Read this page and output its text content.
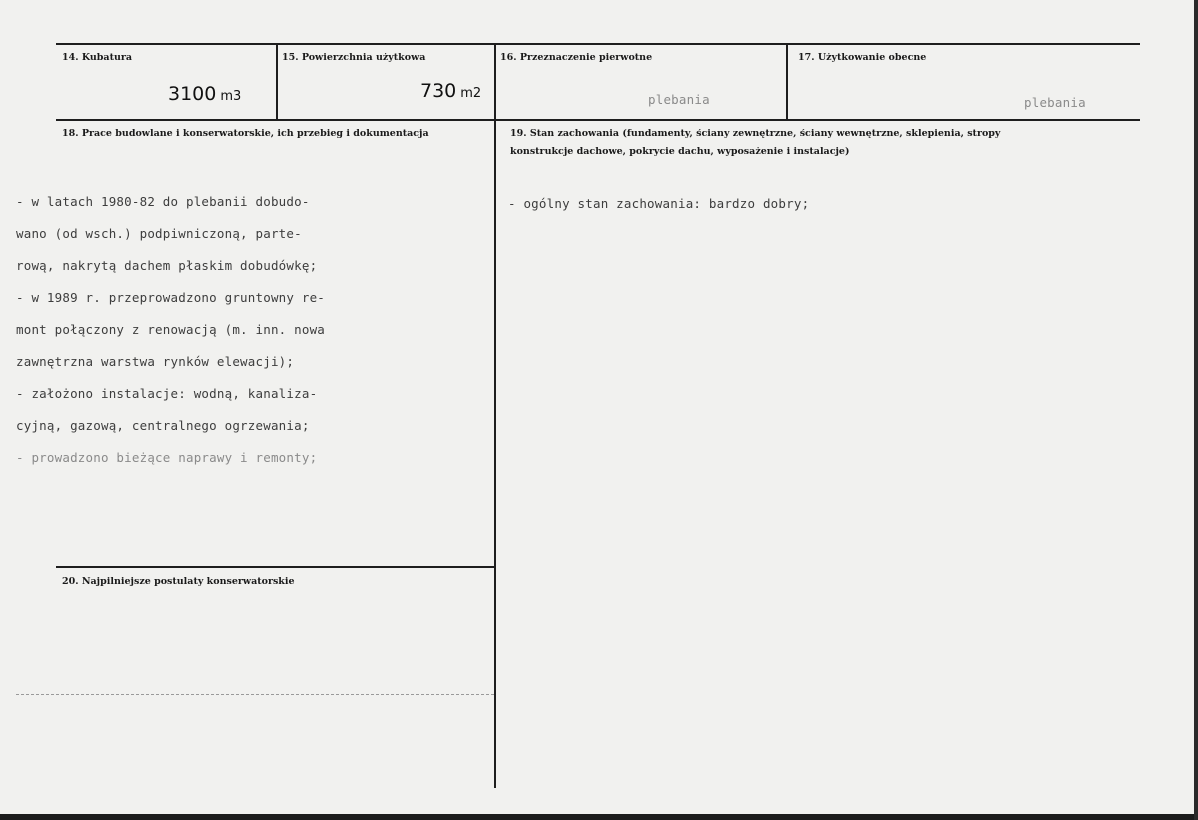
14. Kubatura
3100 m3
15. Powierzchnia użytkowa
730 m2
16. Przeznaczenie pierwotne
plebania
17. Użytkowanie obecne
plebania
18. Prace budowlane i konserwatorskie, ich przebieg i dokumentacja
- w latach 1980-82 do plebanii dobudo-
wano (od wsch.) podpiwniczoną, parte-
rową, nakrytą dachem płaskim dobudówkę;
- w 1989 r. przeprowadzono gruntowny re-
mont połączony z renowacją (m. inn. nowa
zawnętrzna warstwa rynków elewacji);
- założono instalacje: wodną, kanaliza-
cyjną, gazową, centralnego ogrzewania;
- prowadzono bieżące naprawy i remonty;
19. Stan zachowania (fundamenty, ściany zewnętrzne, ściany wewnętrzne, sklepienia, stropy
konstrukcje dachowe, pokrycie dachu, wyposażenie i instalacje)
- ogólny stan zachowania: bardzo dobry;
20. Najpilniejsze postulaty konserwatorskie
